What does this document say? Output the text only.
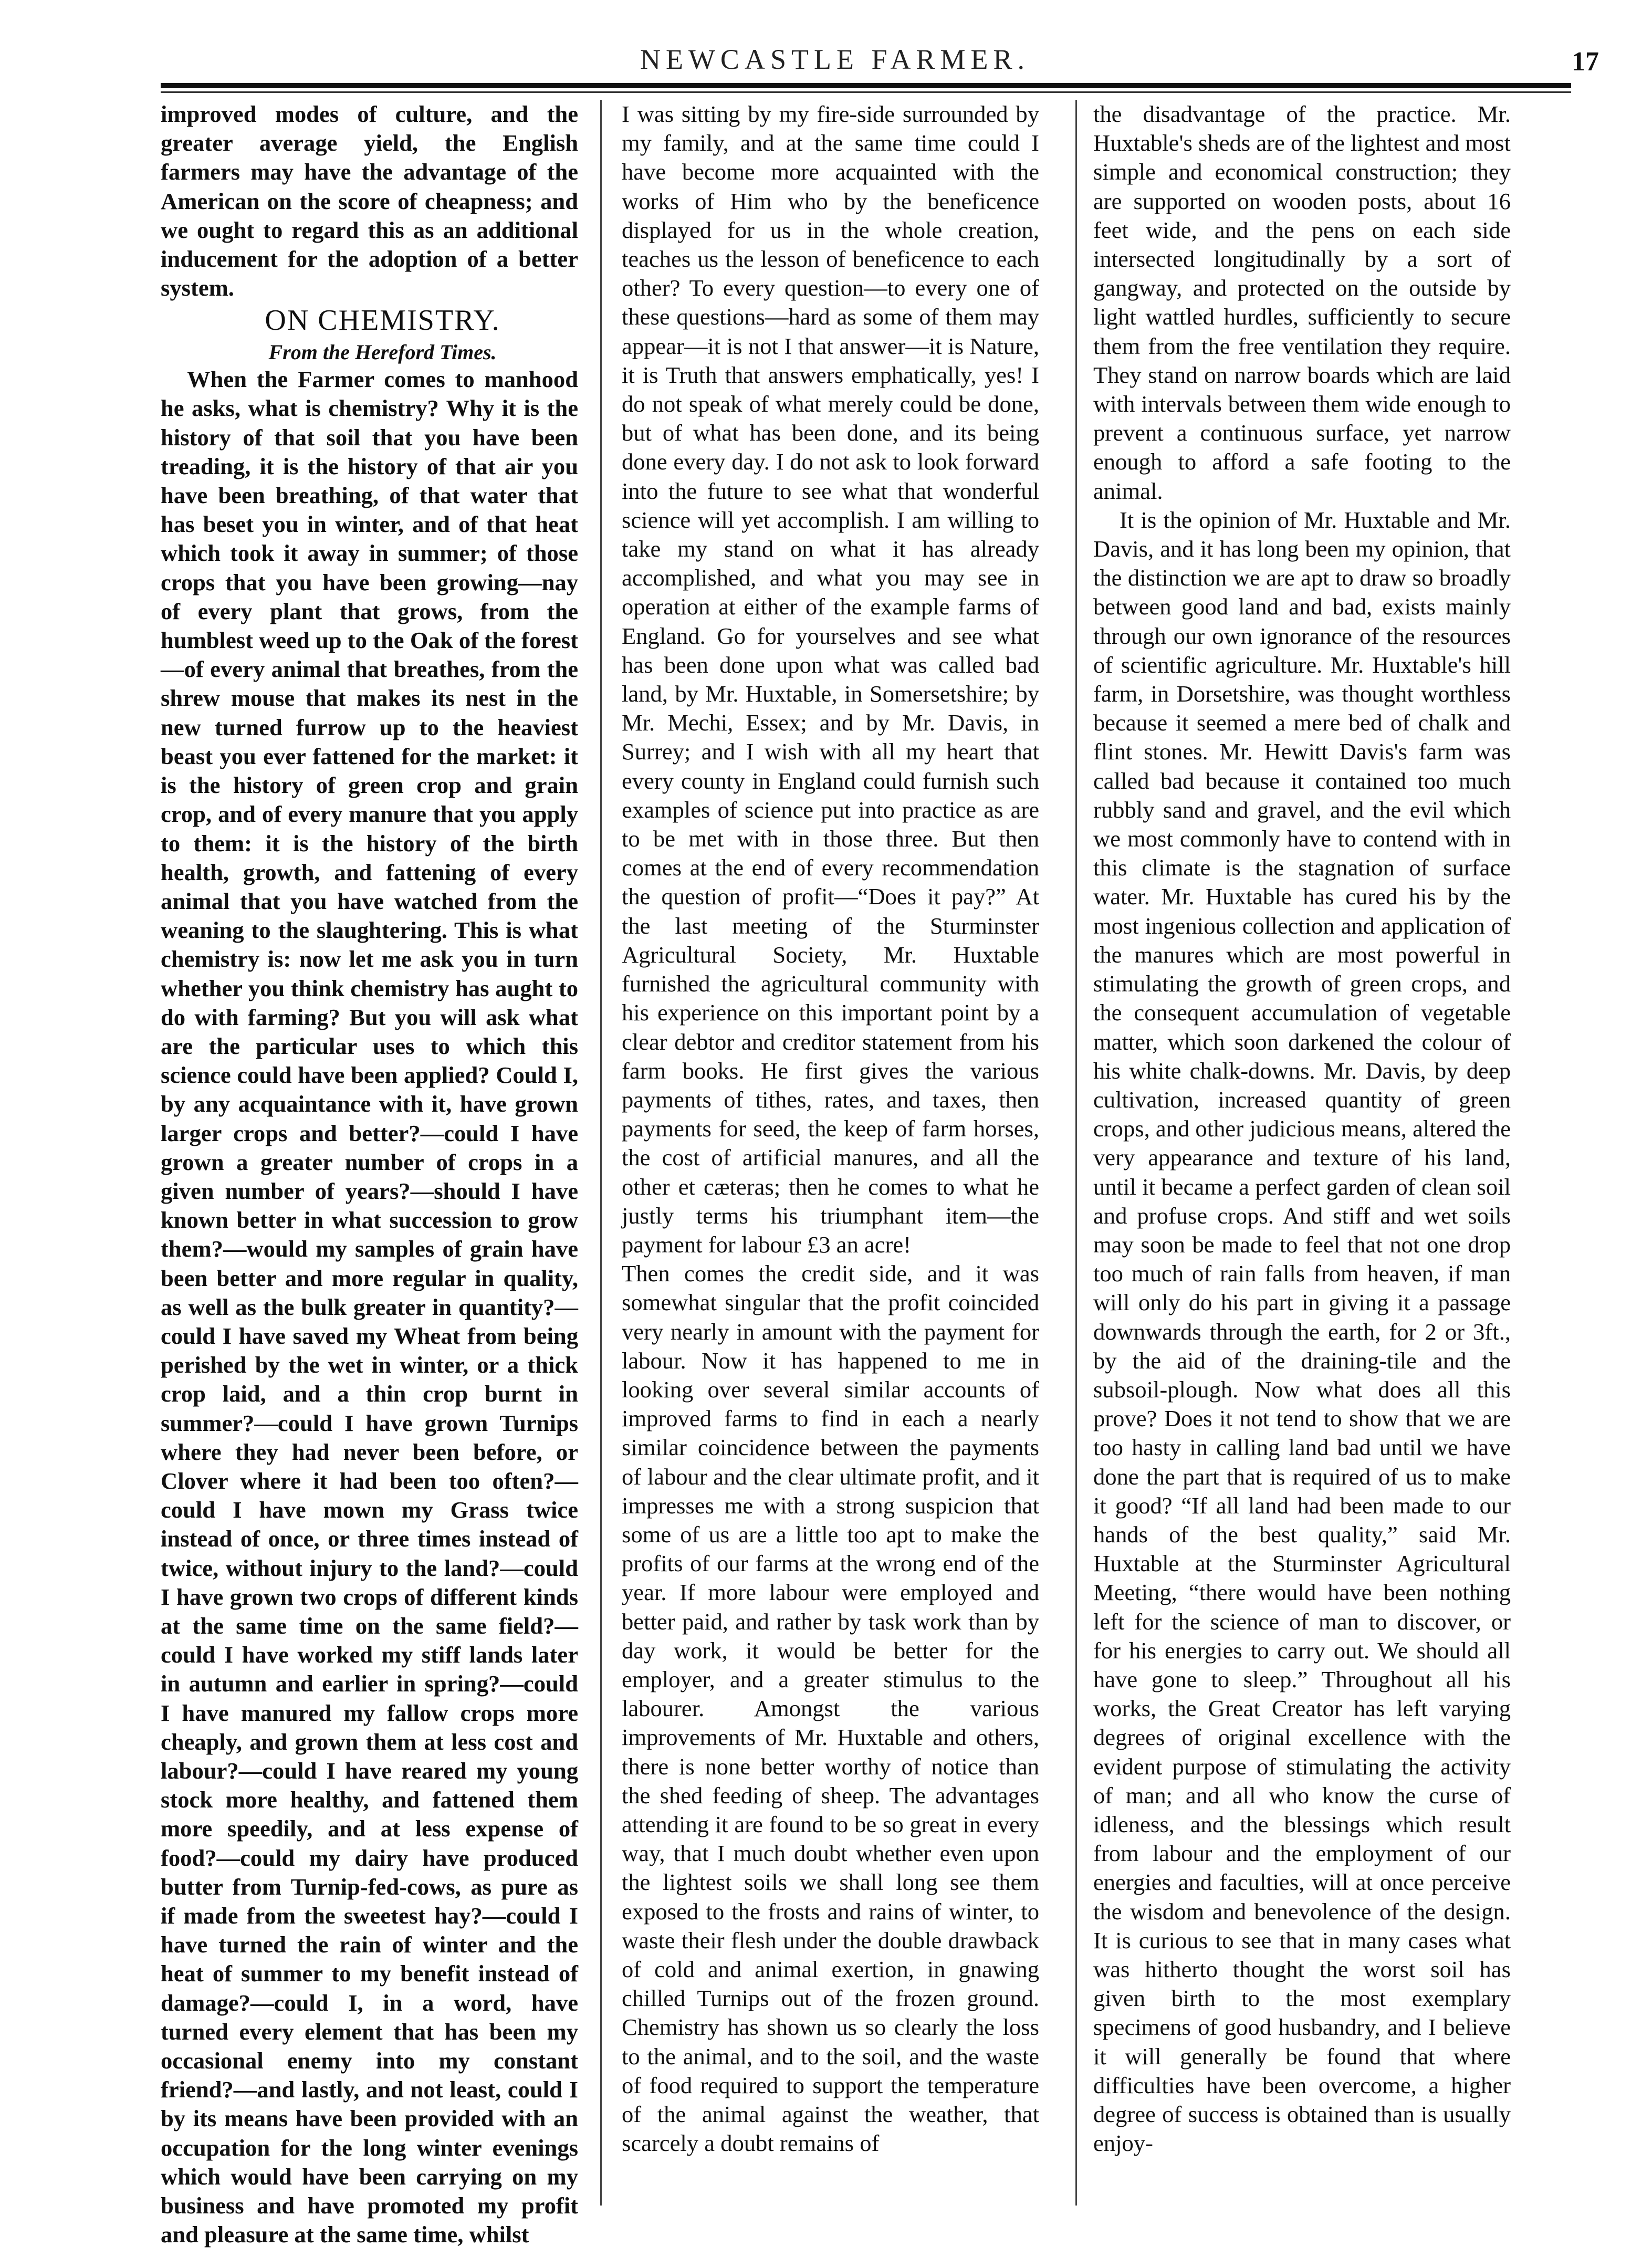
NEWCASTLE FARMER.	17

improved modes of culture, and the greater average yield, the English farmers may have the advantage of the American on the score of cheapness; and we ought to regard this as an additional inducement for the adoption of a better system.

ON CHEMISTRY.

From the Hereford Times.

When the Farmer comes to manhood he asks, what is chemistry? Why it is the history of that soil that you have been treading, it is the history of that air you have been breathing, of that water that has beset you in winter, and of that heat which took it away in summer; of those crops that you have been growing—nay of every plant that grows, from the humblest weed up to the Oak of the forest—of every animal that breathes, from the shrew mouse that makes its nest in the new turned furrow up to the heaviest beast you ever fattened for the market: it is the history of green crop and grain crop, and of every manure that you apply to them: it is the history of the birth health, growth, and fattening of every animal that you have watched from the weaning to the slaughtering. This is what chemistry is: now let me ask you in turn whether you think chemistry has aught to do with farming? But you will ask what are the particular uses to which this science could have been applied? Could I, by any acquaintance with it, have grown larger crops and better?—could I have grown a greater number of crops in a given number of years?—should I have known better in what succession to grow them?—would my samples of grain have been better and more regular in quality, as well as the bulk greater in quantity?—could I have saved my Wheat from being perished by the wet in winter, or a thick crop laid, and a thin crop burnt in summer?—could I have grown Turnips where they had never been before, or Clover where it had been too often?—could I have mown my Grass twice instead of once, or three times instead of twice, without injury to the land?—could I have grown two crops of different kinds at the same time on the same field?—could I have worked my stiff lands later in autumn and earlier in spring?—could I have manured my fallow crops more cheaply, and grown them at less cost and labour?—could I have reared my young stock more healthy, and fattened them more speedily, and at less expense of food?—could my dairy have produced butter from Turnip-fed-cows, as pure as if made from the sweetest hay?—could I have turned the rain of winter and the heat of summer to my benefit instead of damage?—could I, in a word, have turned every element that has been my occasional enemy into my constant friend?—and lastly, and not least, could I by its means have been provided with an occupation for the long winter evenings which would have been carrying on my business and have promoted my profit and pleasure at the same time, whilst

I was sitting by my fire-side surrounded by my family, and at the same time could I have become more acquainted with the works of Him who by the beneficence displayed for us in the whole creation, teaches us the lesson of beneficence to each other? To every question—to every one of these questions—hard as some of them may appear—it is not I that answer—it is Nature, it is Truth that answers emphatically, yes! I do not speak of what merely could be done, but of what has been done, and its being done every day. I do not ask to look forward into the future to see what that wonderful science will yet accomplish. I am willing to take my stand on what it has already accomplished, and what you may see in operation at either of the example farms of England. Go for yourselves and see what has been done upon what was called bad land, by Mr. Huxtable, in Somersetshire; by Mr. Mechi, Essex; and by Mr. Davis, in Surrey; and I wish with all my heart that every county in England could furnish such examples of science put into practice as are to be met with in those three. But then comes at the end of every recommendation the question of profit—“Does it pay?” At the last meeting of the Sturminster Agricultural Society, Mr. Huxtable furnished the agricultural community with his experience on this important point by a clear debtor and creditor statement from his farm books. He first gives the various payments of tithes, rates, and taxes, then payments for seed, the keep of farm horses, the cost of artificial manures, and all the other et cæteras; then he comes to what he justly terms his triumphant item—the payment for labour £3 an acre!

Then comes the credit side, and it was somewhat singular that the profit coincided very nearly in amount with the payment for labour. Now it has happened to me in looking over several similar accounts of improved farms to find in each a nearly similar coincidence between the payments of labour and the clear ultimate profit, and it impresses me with a strong suspicion that some of us are a little too apt to make the profits of our farms at the wrong end of the year. If more labour were employed and better paid, and rather by task work than by day work, it would be better for the employer, and a greater stimulus to the labourer. Amongst the various improvements of Mr. Huxtable and others, there is none better worthy of notice than the shed feeding of sheep. The advantages attending it are found to be so great in every way, that I much doubt whether even upon the lightest soils we shall long see them exposed to the frosts and rains of winter, to waste their flesh under the double drawback of cold and animal exertion, in gnawing chilled Turnips out of the frozen ground. Chemistry has shown us so clearly the loss to the animal, and to the soil, and the waste of food required to support the temperature of the animal against the weather, that scarcely a doubt remains of

the disadvantage of the practice. Mr. Huxtable's sheds are of the lightest and most simple and economical construction; they are supported on wooden posts, about 16 feet wide, and the pens on each side intersected longitudinally by a sort of gangway, and protected on the outside by light wattled hurdles, sufficiently to secure them from the free ventilation they require. They stand on narrow boards which are laid with intervals between them wide enough to prevent a continuous surface, yet narrow enough to afford a safe footing to the animal.

It is the opinion of Mr. Huxtable and Mr. Davis, and it has long been my opinion, that the distinction we are apt to draw so broadly between good land and bad, exists mainly through our own ignorance of the resources of scientific agriculture. Mr. Huxtable's hill farm, in Dorsetshire, was thought worthless because it seemed a mere bed of chalk and flint stones. Mr. Hewitt Davis's farm was called bad because it contained too much rubbly sand and gravel, and the evil which we most commonly have to contend with in this climate is the stagnation of surface water. Mr. Huxtable has cured his by the most ingenious collection and application of the manures which are most powerful in stimulating the growth of green crops, and the consequent accumulation of vegetable matter, which soon darkened the colour of his white chalk-downs. Mr. Davis, by deep cultivation, increased quantity of green crops, and other judicious means, altered the very appearance and texture of his land, until it became a perfect garden of clean soil and profuse crops. And stiff and wet soils may soon be made to feel that not one drop too much of rain falls from heaven, if man will only do his part in giving it a passage downwards through the earth, for 2 or 3ft., by the aid of the draining-tile and the subsoil-plough. Now what does all this prove? Does it not tend to show that we are too hasty in calling land bad until we have done the part that is required of us to make it good? “If all land had been made to our hands of the best quality,” said Mr. Huxtable at the Sturminster Agricultural Meeting, “there would have been nothing left for the science of man to discover, or for his energies to carry out. We should all have gone to sleep.” Throughout all his works, the Great Creator has left varying degrees of original excellence with the evident purpose of stimulating the activity of man; and all who know the curse of idleness, and the blessings which result from labour and the employment of our energies and faculties, will at once perceive the wisdom and benevolence of the design. It is curious to see that in many cases what was hitherto thought the worst soil has given birth to the most exemplary specimens of good husbandry, and I believe it will generally be found that where difficulties have been overcome, a higher degree of success is obtained than is usually enjoy-
